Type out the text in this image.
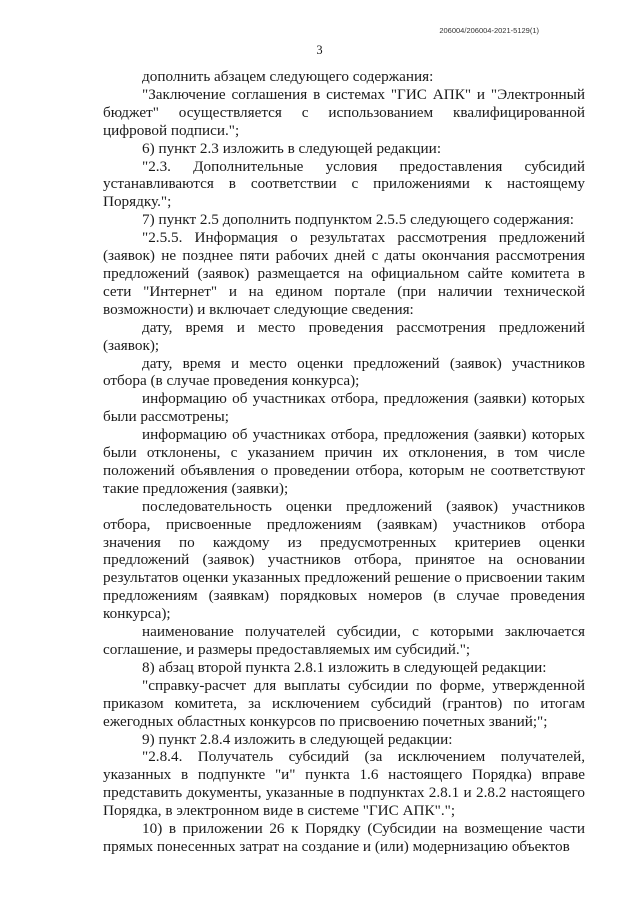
206004/206004-2021-5129(1)
3

дополнить абзацем следующего содержания:

"Заключение соглашения в системах "ГИС АПК" и "Электронный бюджет" осуществляется с использованием квалифицированной цифровой подписи.";

6) пункт 2.3 изложить в следующей редакции:

"2.3. Дополнительные условия предоставления субсидий устанавливаются в соответствии с приложениями к настоящему Порядку.";

7) пункт 2.5 дополнить подпунктом 2.5.5 следующего содержания:

"2.5.5. Информация о результатах рассмотрения предложений (заявок) не позднее пяти рабочих дней с даты окончания рассмотрения предложений (заявок) размещается на официальном сайте комитета в сети "Интернет" и на едином портале (при наличии технической возможности) и включает следующие сведения:

дату, время и место проведения рассмотрения предложений (заявок);

дату, время и место оценки предложений (заявок) участников отбора (в случае проведения конкурса);

информацию об участниках отбора, предложения (заявки) которых были рассмотрены;

информацию об участниках отбора, предложения (заявки) которых были отклонены, с указанием причин их отклонения, в том числе положений объявления о проведении отбора, которым не соответствуют такие предложения (заявки);

последовательность оценки предложений (заявок) участников отбора, присвоенные предложениям (заявкам) участников отбора значения по каждому из предусмотренных критериев оценки предложений (заявок) участников отбора, принятое на основании результатов оценки указанных предложений решение о присвоении таким предложениям (заявкам) порядковых номеров (в случае проведения конкурса);

наименование получателей субсидии, с которыми заключается соглашение, и размеры предоставляемых им субсидий.";

8) абзац второй пункта 2.8.1 изложить в следующей редакции:

"справку-расчет для выплаты субсидии по форме, утвержденной приказом комитета, за исключением субсидий (грантов) по итогам ежегодных областных конкурсов по присвоению почетных званий;";

9) пункт 2.8.4 изложить в следующей редакции:

"2.8.4. Получатель субсидий (за исключением получателей, указанных в подпункте "и" пункта 1.6 настоящего Порядка) вправе представить документы, указанные в подпунктах 2.8.1 и 2.8.2 настоящего Порядка, в электронном виде в системе "ГИС АПК".";

10) в приложении 26 к Порядку (Субсидии на возмещение части прямых понесенных затрат на создание и (или) модернизацию объектов
